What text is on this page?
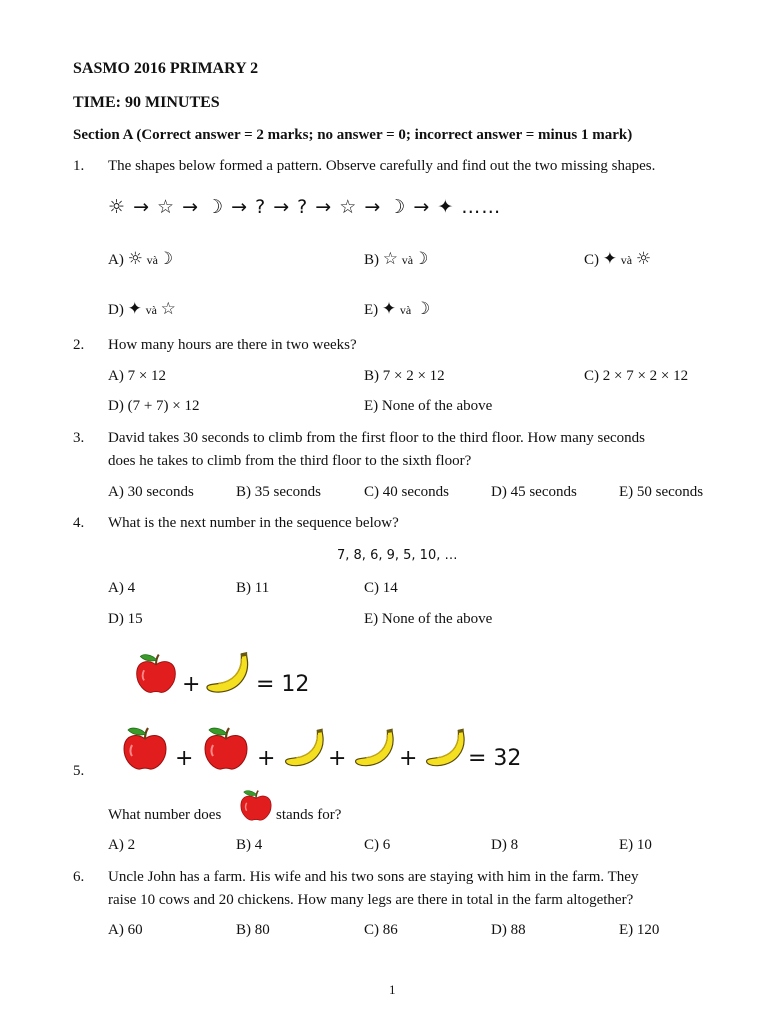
SASMO 2016 PRIMARY 2
TIME: 90 MINUTES
Section A (Correct answer = 2 marks; no answer = 0; incorrect answer = minus 1 mark)
1. The shapes below formed a pattern. Observe carefully and find out the two missing shapes.
☼ → ☆ → ☽ → ? → ? → ☆ → ☽ → ✦ ……
A) ☼ và☽	B) ☆ và☽	C) ✦ và ☼
D) ✦ và ☆	E) ✦ và ☽
2. How many hours are there in two weeks?
A) 7 × 12	B) 7 × 2 × 12	C) 2 × 7 × 2 × 12
D) (7 + 7) × 12	E) None of the above
3. David takes 30 seconds to climb from the first floor to the third floor. How many seconds
does he takes to climb from the third floor to the sixth floor?
A) 30 seconds	B) 35 seconds	C) 40 seconds	D) 45 seconds	E) 50 seconds
4. What is the next number in the sequence below?
7, 8, 6, 9, 5, 10, …
A) 4	B) 11	C) 14
D) 15	E) None of the above
+	= 12
+	+ + + = 32
5.
What number does	stands for?
A) 2	B) 4	C) 6	D) 8	E) 10
6. Uncle John has a farm. His wife and his two sons are staying with him in the farm. They
raise 10 cows and 20 chickens. How many legs are there in total in the farm altogether?
A) 60	B) 80	C) 86	D) 88	E) 120
1
